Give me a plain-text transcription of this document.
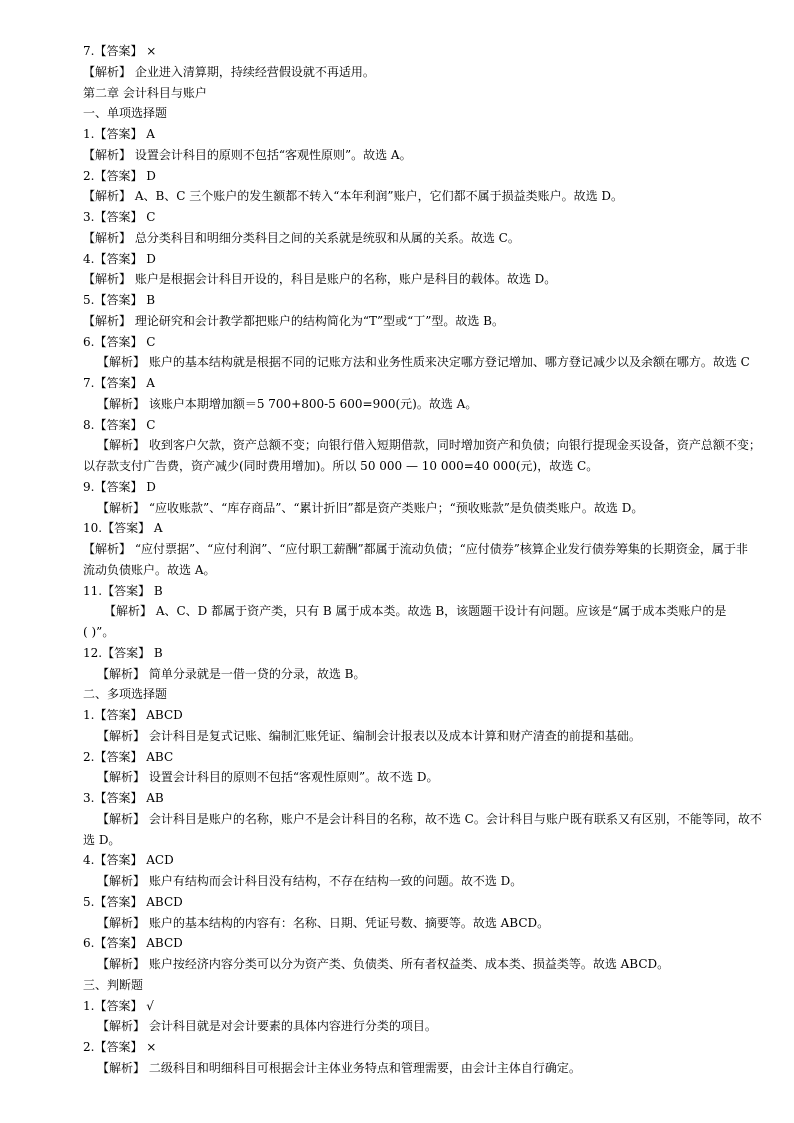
7.【答案】 ×
【解析】 企业进入清算期，持续经营假设就不再适用。
第二章 会计科目与账户
一、单项选择题
1.【答案】 A
【解析】 设置会计科目的原则不包括“客观性原则”。故选 A。
2.【答案】 D
【解析】 A、B、C 三个账户的发生额都不转入“本年利润”账户，它们都不属于损益类账户。故选 D。
3.【答案】 C
【解析】 总分类科目和明细分类科目之间的关系就是统驭和从属的关系。故选 C。
4.【答案】 D
【解析】 账户是根据会计科目开设的，科目是账户的名称，账户是科目的载体。故选 D。
5.【答案】 B
【解析】 理论研究和会计教学都把账户的结构简化为“T”型或“丁”型。故选 B。
6.【答案】 C
【解析】 账户的基本结构就是根据不同的记账方法和业务性质来决定哪方登记增加、哪方登记减少以及余额在哪方。故选 C
7.【答案】 A
【解析】 该账户本期增加额＝5 700+800-5 600=900(元)。故选 A。
8.【答案】 C
【解析】 收到客户欠款，资产总额不变；向银行借入短期借款，同时增加资产和负债；向银行提现金买设备，资产总额不变；
以存款支付广告费，资产减少(同时费用增加)。所以 50 000 — 10 000=40 000(元)，故选 C。
9.【答案】 D
【解析】 “应收账款”、“库存商品”、“累计折旧”都是资产类账户；“预收账款”是负债类账户。故选 D。
10.【答案】 A
【解析】 “应付票据”、“应付利润”、“应付职工薪酬”都属于流动负债；“应付债券”核算企业发行债券筹集的长期资金，属于非
流动负债账户。故选 A。
11.【答案】 B
【解析】 A、C、D 都属于资产类，只有 B 属于成本类。故选 B，该题题干设计有问题。应该是“属于成本类账户的是
( )”。
12.【答案】 B
【解析】 简单分录就是一借一贷的分录，故选 B。
二、多项选择题
1.【答案】 ABCD
【解析】 会计科目是复式记账、编制汇账凭证、编制会计报表以及成本计算和财产清查的前提和基础。
2.【答案】 ABC
【解析】 设置会计科目的原则不包括“客观性原则”。故不选 D。
3.【答案】 AB
【解析】 会计科目是账户的名称，账户不是会计科目的名称，故不选 C。会计科目与账户既有联系又有区别，不能等同，故不
选 D。
4.【答案】 ACD
【解析】 账户有结构而会计科目没有结构，不存在结构一致的问题。故不选 D。
5.【答案】 ABCD
【解析】 账户的基本结构的内容有：名称、日期、凭证号数、摘要等。故选 ABCD。
6.【答案】 ABCD
【解析】 账户按经济内容分类可以分为资产类、负债类、所有者权益类、成本类、损益类等。故选 ABCD。
三、判断题
1.【答案】 √
【解析】 会计科目就是对会计要素的具体内容进行分类的项目。
2.【答案】 ×
【解析】 二级科目和明细科目可根据会计主体业务特点和管理需要，由会计主体自行确定。
